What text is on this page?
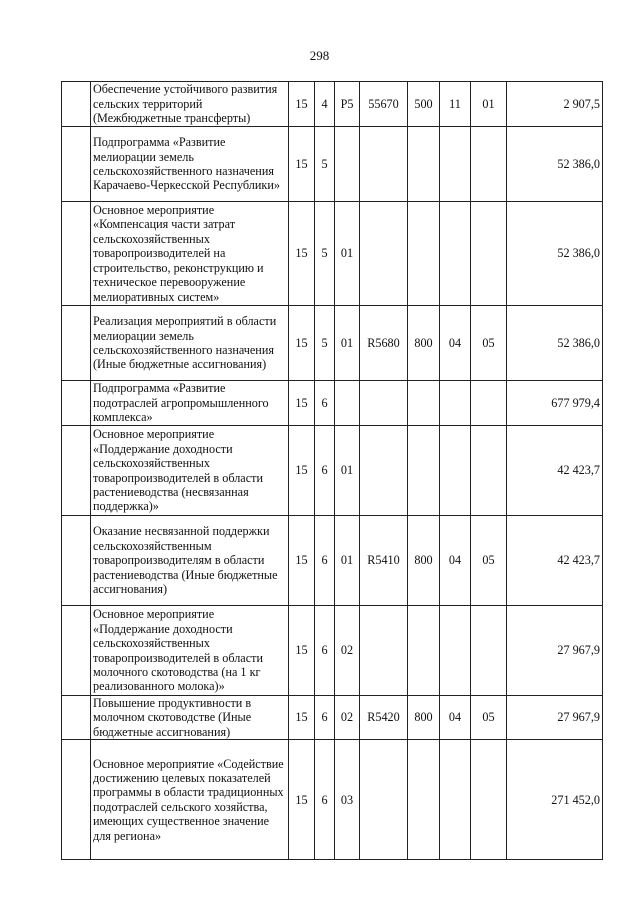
298
	Обеспечение устойчивого развития сельских территорий (Межбюджетные трансферты)	15	4	Р5	55670	500	11	01	2 907,5
	Подпрограмма «Развитие мелиорации земель сельскохозяйственного назначения Карачаево-Черкесской Республики»	15	5						52 386,0
	Основное мероприятие «Компенсация части затрат сельскохозяйственных товаропроизводителей на строительство, реконструкцию и техническое перевооружение мелиоративных систем»	15	5	01					52 386,0
	Реализация мероприятий в области мелиорации земель сельскохозяйственного назначения (Иные бюджетные ассигнования)	15	5	01	R5680	800	04	05	52 386,0
	Подпрограмма «Развитие подотраслей агропромышленного комплекса»	15	6						677 979,4
	Основное мероприятие «Поддержание доходности сельскохозяйственных товаропроизводителей в области растениеводства (несвязанная поддержка)»	15	6	01					42 423,7
	Оказание несвязанной поддержки сельскохозяйственным товаропроизводителям в области растениеводства (Иные бюджетные ассигнования)	15	6	01	R5410	800	04	05	42 423,7
	Основное мероприятие «Поддержание доходности сельскохозяйственных товаропроизводителей в области молочного скотоводства (на 1 кг реализованного молока)»	15	6	02					27 967,9
	Повышение продуктивности в молочном скотоводстве (Иные бюджетные ассигнования)	15	6	02	R5420	800	04	05	27 967,9
	Основное мероприятие «Содействие достижению целевых показателей программы в области традиционных подотраслей сельского хозяйства, имеющих существенное значение для региона»	15	6	03					271 452,0
